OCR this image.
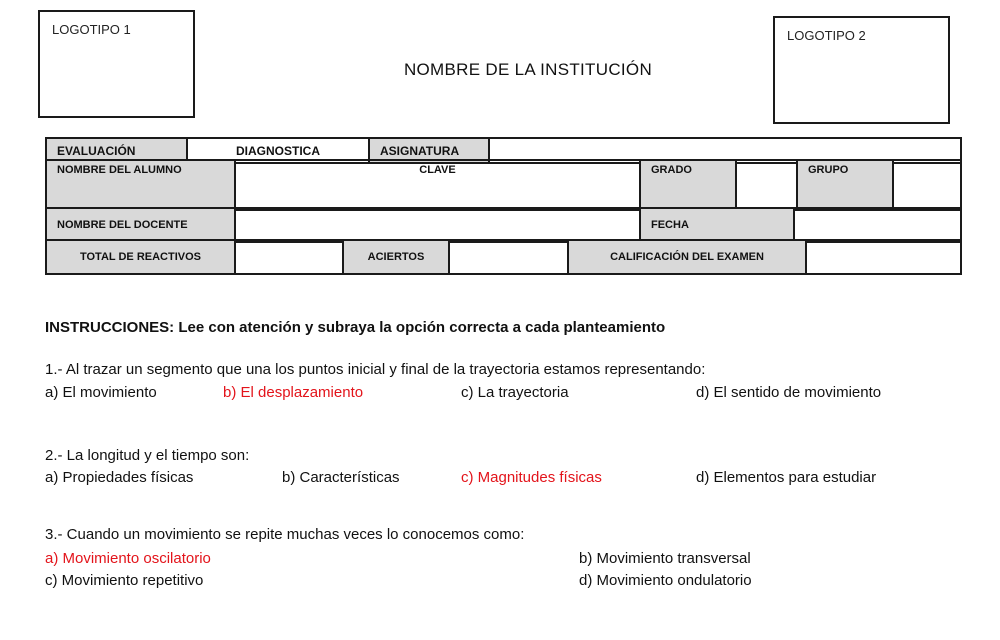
LOGOTIPO 1	LOGOTIPO 2
NOMBRE DE LA INSTITUCIÓN
EVALUACIÓN	DIAGNOSTICA	ASIGNATURA	
NOMBRE DEL ALUMNO	CLAVE	GRADO		GRUPO	
NOMBRE DEL DOCENTE		FECHA	
TOTAL DE REACTIVOS		ACIERTOS		CALIFICACIÓN DEL EXAMEN	
INSTRUCCIONES: Lee con atención y subraya la opción correcta a cada planteamiento
1.- Al trazar un segmento que una los puntos inicial y final de la trayectoria estamos representando:
a) El movimiento	b) El desplazamiento	c) La trayectoria	d) El sentido de movimiento
2.- La longitud y el tiempo son:
a) Propiedades físicas	b) Características	c) Magnitudes físicas	d) Elementos para estudiar
3.- Cuando un movimiento se repite muchas veces lo conocemos como:
a) Movimiento oscilatorio	b) Movimiento transversal
c) Movimiento repetitivo	d) Movimiento ondulatorio
